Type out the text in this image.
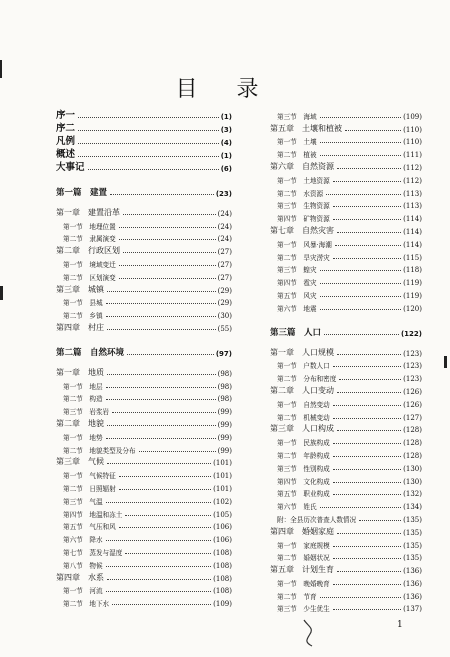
目 录
序一	(1)
序二	(3)
凡例	(4)
概述	(1)
大事记	(6)
第一篇　建置	(23)
第一章　建置沿革	(24)
第一节　地理位置	(24)
第二节　隶属演变	(24)
第二章　行政区划	(27)
第一节　境域变迁	(27)
第二节　区划演变	(27)
第三章　城镇	(29)
第一节　县城	(29)
第二节　乡镇	(30)
第四章　村庄	(55)
第二篇　自然环境	(97)
第一章　地质	(98)
第一节　地层	(98)
第二节　构造	(98)
第三节　岩浆岩	(99)
第二章　地貌	(99)
第一节　地势	(99)
第二节　地貌类型及分布	(99)
第三章　气候	(101)
第一节　气候特征	(101)
第二节　日照辐射	(101)
第三节　气温	(102)
第四节　地温和冻土	(105)
第五节　气压和风	(106)
第六节　降水	(106)
第七节　蒸发与湿度	(108)
第八节　物候	(108)
第四章　水系	(108)
第一节　河流	(108)
第二节　地下水	(109)
第三节　海域	(109)
第五章　土壤和植被	(110)
第一节　土壤	(110)
第二节　植被	(111)
第六章　自然资源	(112)
第一节　土地资源	(112)
第二节　水资源	(113)
第三节　生物资源	(113)
第四节　矿物资源	(114)
第七章　自然灾害	(114)
第一节　风暴·海潮	(114)
第二节　旱灾涝灾	(115)
第三节　蝗灾	(118)
第四节　雹灾	(119)
第五节　风灾	(119)
第六节　地震	(120)
第三篇　人口	(122)
第一章　人口规模	(123)
第一节　户数人口	(123)
第二节　分布和密度	(123)
第二章　人口变动	(126)
第一节　自然变动	(126)
第二节　机械变动	(127)
第三章　人口构成	(128)
第一节　民族构成	(128)
第二节　年龄构成	(128)
第三节　性别构成	(130)
第四节　文化构成	(130)
第五节　职业构成	(132)
第六节　姓氏	(134)
附：全县历次普查人数情况	(135)
第四章　婚姻家庭	(135)
第一节　家庭规模	(135)
第二节　婚姻状况	(135)
第五章　计划生育	(136)
第一节　晚婚晚育	(136)
第二节　节育	(136)
第三节　少生优生	(137)
1
